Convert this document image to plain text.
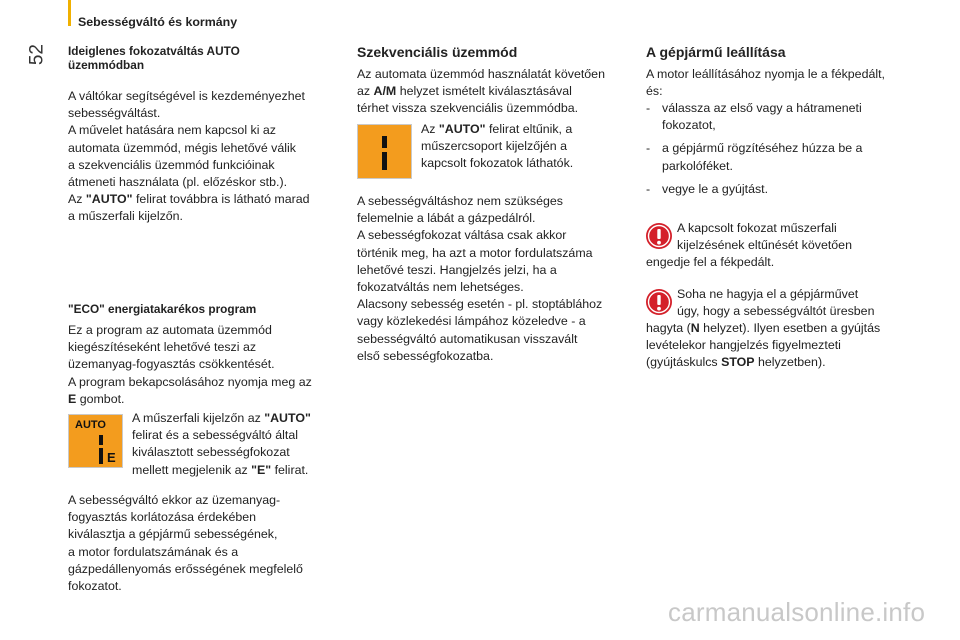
Sebességváltó és kormány
52 Ideiglenes fokozatváltás AUTO üzemmódban

A váltókar segítségével is kezdeményezhet

sebességváltást.

A művelet hatására nem kapcsol ki az

automata üzemmód, mégis lehetővé válik

a szekvenciális üzemmód funkcióinak

átmeneti használata (pl. előzéskor stb.).

Az "AUTO" felirat továbbra is látható marad

a műszerfali kijelzőn.

"ECO" energiatakarékos program

Ez a program az automata üzemmód

kiegészítéseként lehetővé teszi az

üzemanyag-fogyasztás csökkentését.

A program bekapcsolásához nyomja meg az

E gombot.

AUTO
E

A műszerfali kijelzőn az "AUTO"

felirat és a sebességváltó által

kiválasztott sebességfokozat

mellett megjelenik az "E" felirat.

A sebességváltó ekkor az üzemanyag-

fogyasztás korlátozása érdekében

kiválasztja a gépjármű sebességének,

a motor fordulatszámának és a

gázpedállenyomás erősségének megfelelő

fokozatot.

Szekvenciális üzemmód

Az automata üzemmód használatát követően

az A/M helyzet ismételt kiválasztásával

térhet vissza szekvenciális üzemmódba.

Az "AUTO" felirat eltűnik, a

műszercsoport kijelzőjén a

kapcsolt fokozatok láthatók.

A sebességváltáshoz nem szükséges

felemelnie a lábát a gázpedálról.

A sebességfokozat váltása csak akkor

történik meg, ha azt a motor fordulatszáma

lehetővé teszi. Hangjelzés jelzi, ha a

fokozatváltás nem lehetséges.

Alacsony sebesség esetén - pl. stoptáblához

vagy közlekedési lámpához közeledve - a

sebességváltó automatikusan visszavált

első sebességfokozatba.

A gépjármű leállítása

A motor leállításához nyomja le a fékpedált,

és:

- válassza az első vagy a hátrameneti

fokozatot,

- a gépjármű rögzítéséhez húzza be a

parkolóféket.

- vegye le a gyújtást.

A kapcsolt fokozat műszerfali

kijelzésének eltűnését követően

engedje fel a fékpedált.

Soha ne hagyja el a gépjárművet

úgy, hogy a sebességváltót üresben

hagyta (N helyzet). Ilyen esetben a gyújtás

levételekor hangjelzés figyelmezteti

(gyújtáskulcs STOP helyzetben).

carmanualsonline.info
